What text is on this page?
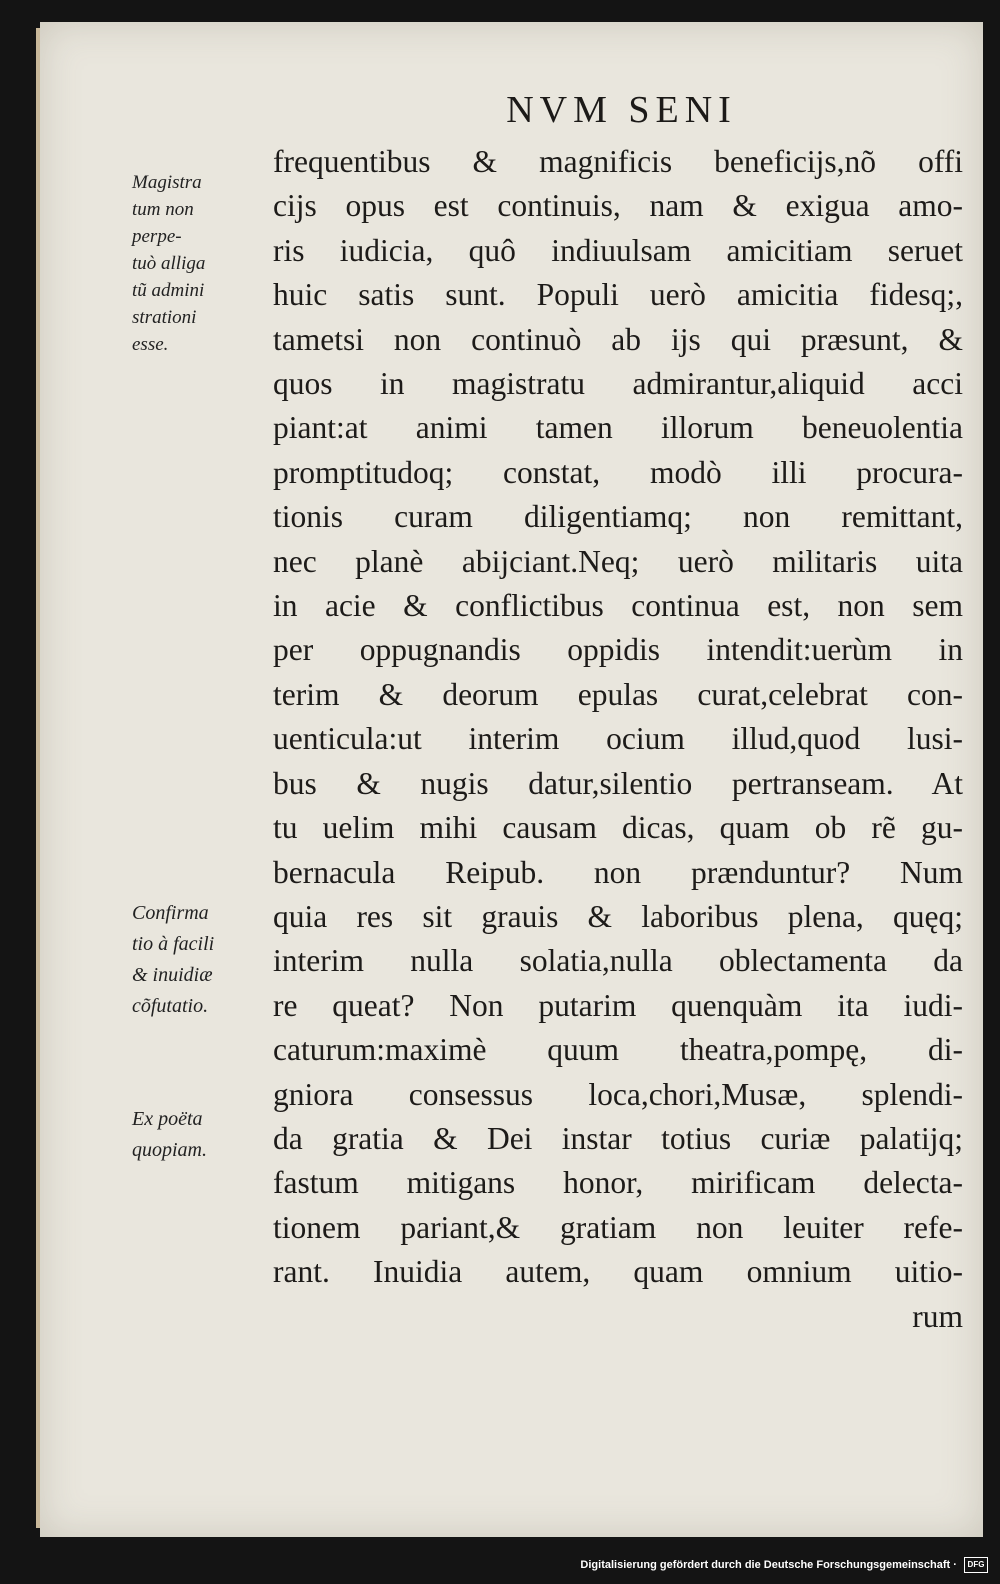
NVM SENI
Magistra
tum non
perpe-
tuò alliga
tũ admini
strationi
esse.
Confirma
tio à facili
& inuidiæ
cõfutatio.
Ex poëta
quopiam.
frequentibus & magnificis beneficijs,nõ offi
cijs opus est continuis, nam & exigua amo-
ris iudicia, quô indiuulsam amicitiam seruet
huic satis sunt. Populi uerò amicitia fidesq;,
tametsi non continuò ab ijs qui præsunt, &
quos in magistratu admirantur,aliquid acci
piant:at animi tamen illorum beneuolentia
promptitudoq; constat, modò illi procura-
tionis curam diligentiamq; non remittant,
nec planè abijciant.Neq; uerò militaris uita
in acie & conflictibus continua est, non sem
per oppugnandis oppidis intendit:uerùm in
terim & deorum epulas curat,celebrat con-
uenticula:ut interim ocium illud,quod lusi-
bus & nugis datur,silentio pertranseam. At
tu uelim mihi causam dicas, quam ob rẽ gu-
bernacula Reipub. non prænduntur? Num
quia res sit grauis & laboribus plena, quęq;
interim nulla solatia,nulla oblectamenta da
re queat? Non putarim quenquàm ita iudi-
caturum:maximè quum theatra,pompę, di-
gniora consessus loca,chori,Musæ, splendi-
da gratia & Dei instar totius curiæ palatijq;
fastum mitigans honor, mirificam delecta-
tionem pariant,& gratiam non leuiter refe-
rant. Inuidia autem, quam omnium uitio-
rum
Digitalisierung gefördert durch die Deutsche Forschungsgemeinschaft · DFG
